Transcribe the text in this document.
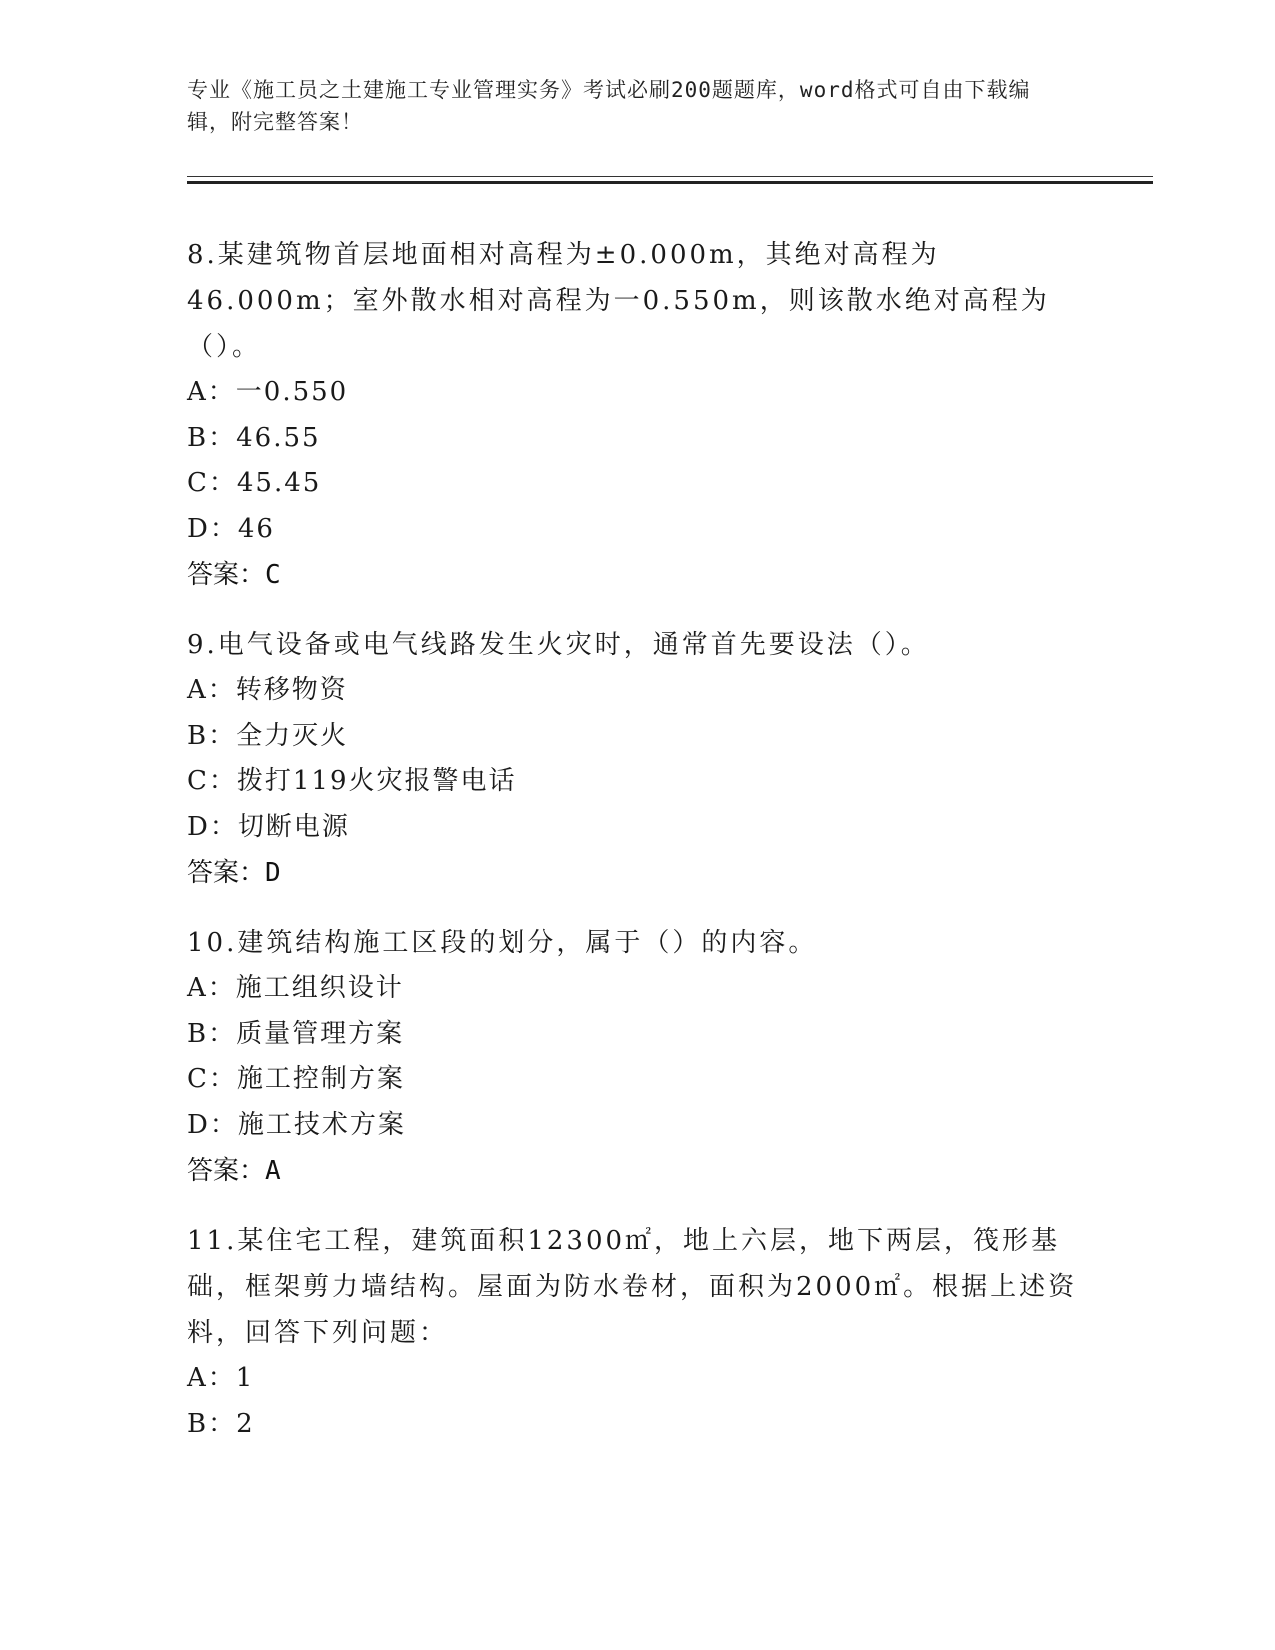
专业《施工员之土建施工专业管理实务》考试必刷200题题库，word格式可自由下载编辑，附完整答案！

8.某建筑物首层地面相对高程为±0.000m，其绝对高程为46.000m；室外散水相对高程为一0.550m，则该散水绝对高程为（）。

A：一0.550

B：46.55

C：45.45

D：46

答案：C

9.电气设备或电气线路发生火灾时，通常首先要设法（）。

A：转移物资

B：全力灭火

C：拨打119火灾报警电话

D：切断电源

答案：D

10.建筑结构施工区段的划分，属于（）的内容。

A：施工组织设计

B：质量管理方案

C：施工控制方案

D：施工技术方案

答案：A

11.某住宅工程，建筑面积12300㎡，地上六层，地下两层，筏形基础，框架剪力墙结构。屋面为防水卷材，面积为2000㎡。根据上述资料，回答下列问题：

A：1

B：2
